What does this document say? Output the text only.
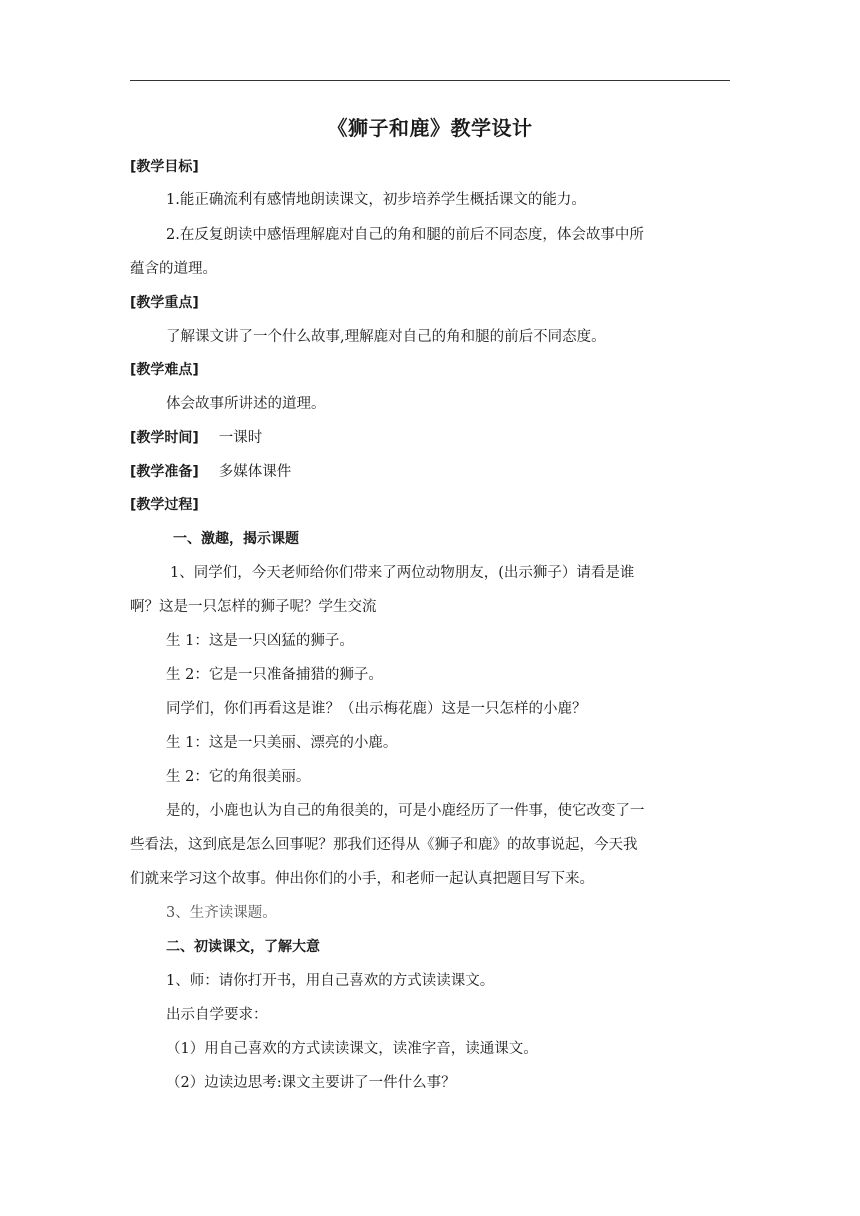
《狮子和鹿》教学设计
[教学目标]
1.能正确流利有感情地朗读课文，初步培养学生概括课文的能力。
2.在反复朗读中感悟理解鹿对自己的角和腿的前后不同态度，体会故事中所
蕴含的道理。
[教学重点]
了解课文讲了一个什么故事,理解鹿对自己的角和腿的前后不同态度。
[教学难点]
体会故事所讲述的道理。
[教学时间] 一课时
[教学准备] 多媒体课件
[教学过程]
一、激趣，揭示课题
1、同学们，今天老师给你们带来了两位动物朋友，(出示狮子）请看是谁
啊？这是一只怎样的狮子呢？学生交流
生 1：这是一只凶猛的狮子。
生 2：它是一只准备捕猎的狮子。
同学们，你们再看这是谁？（出示梅花鹿）这是一只怎样的小鹿？
生 1：这是一只美丽、漂亮的小鹿。
生 2：它的角很美丽。
是的，小鹿也认为自己的角很美的，可是小鹿经历了一件事，使它改变了一
些看法，这到底是怎么回事呢？那我们还得从《狮子和鹿》的故事说起，今天我
们就来学习这个故事。伸出你们的小手，和老师一起认真把题目写下来。
3、生齐读课题。
二、初读课文，了解大意
1、师：请你打开书，用自己喜欢的方式读读课文。
出示自学要求：
（1）用自己喜欢的方式读读课文，读准字音，读通课文。
（2）边读边思考:课文主要讲了一件什么事？
